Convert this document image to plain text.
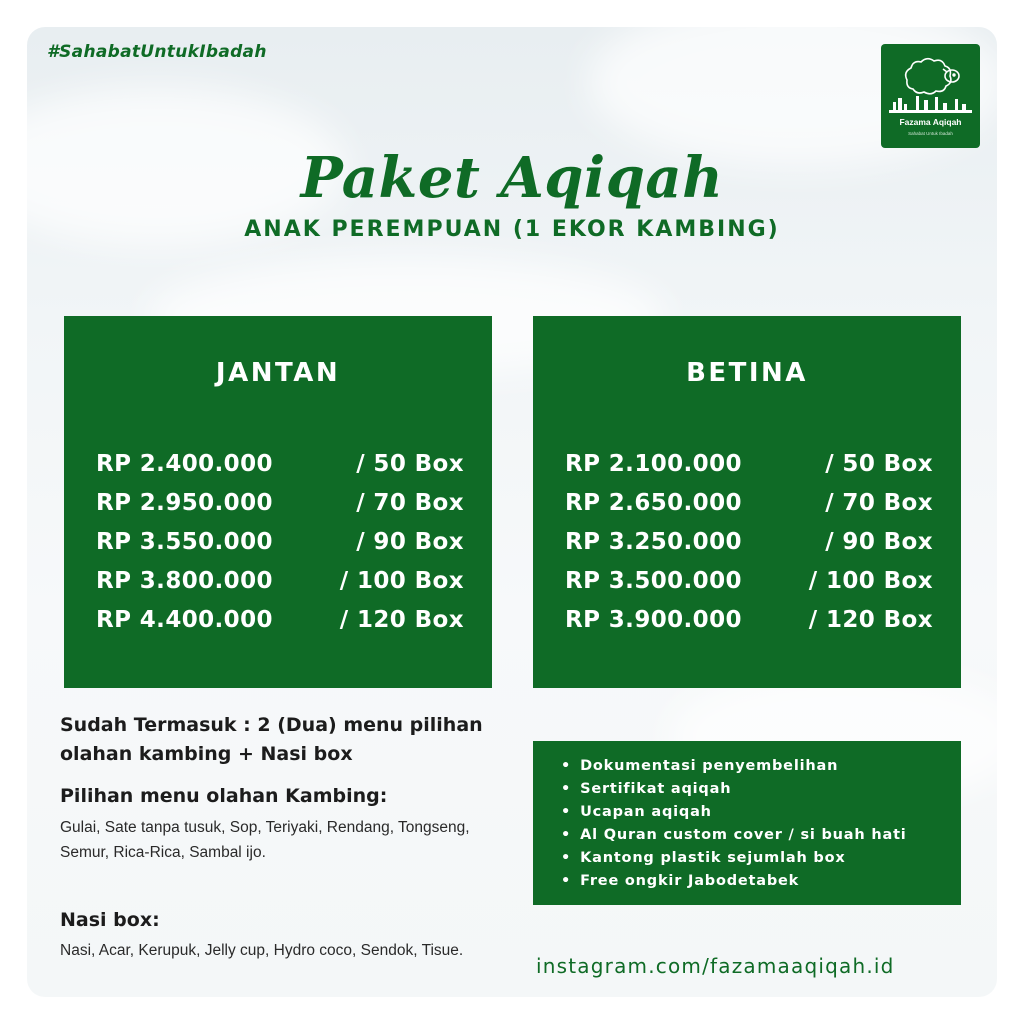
#SahabatUntukIbadah
Fazama Aqiqah
Sahabat Untuk Ibadah
Paket Aqiqah
ANAK PEREMPUAN (1 EKOR KAMBING)
JANTAN
RP 2.400.000	/ 50 Box
RP 2.950.000	/ 70 Box
RP 3.550.000	/ 90 Box
RP 3.800.000	/ 100 Box
RP 4.400.000	/ 120 Box
BETINA
RP 2.100.000	/ 50 Box
RP 2.650.000	/ 70 Box
RP 3.250.000	/ 90 Box
RP 3.500.000	/ 100 Box
RP 3.900.000	/ 120 Box
Sudah Termasuk : 2 (Dua) menu pilihan olahan kambing + Nasi box
Pilihan menu olahan Kambing:
Gulai, Sate tanpa tusuk, Sop, Teriyaki, Rendang, Tongseng, Semur, Rica-Rica, Sambal ijo.
Nasi box:
Nasi, Acar, Kerupuk, Jelly cup, Hydro coco, Sendok, Tisue.
• Dokumentasi penyembelihan
• Sertifikat aqiqah
• Ucapan aqiqah
• Al Quran custom cover / si buah hati
• Kantong plastik sejumlah box
• Free ongkir Jabodetabek
instagram.com/fazamaaqiqah.id
